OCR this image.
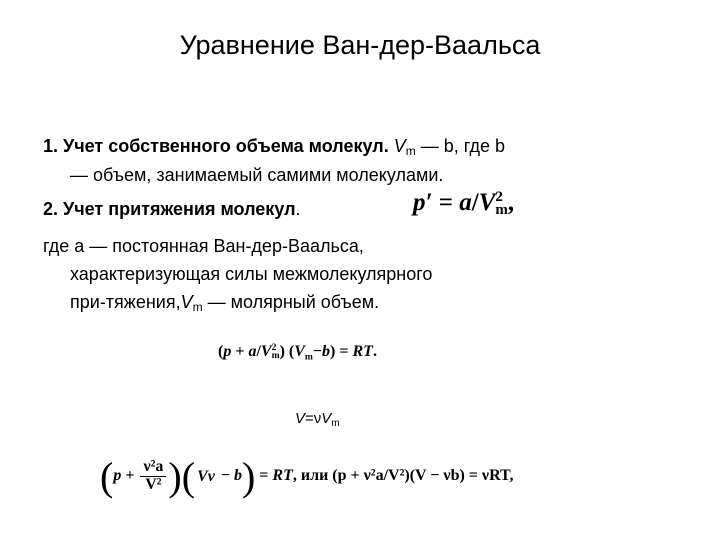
Уравнение Ван-дер-Ваальса
1. Учет собственного объема молекул. $V_m$ — b, где b
— объем, занимаемый самими молекулами.
2. Учет притяжения молекул.	p′ = a/V 2
m ,
где a — постоянная Ван-дер-Ваальса,
характеризующая силы межмолекулярного
при-$тяжения,V_m$ — молярный объем.
(p + a/V 2
m ) $(V_m-b)$ = RT.
$V=\nu V_m$
($p + \frac{\text{ν²a}}{\text{V²}}$ )( Vν − b) = RT, или (p + ν²a/V²)(V − νb) = νRT,
